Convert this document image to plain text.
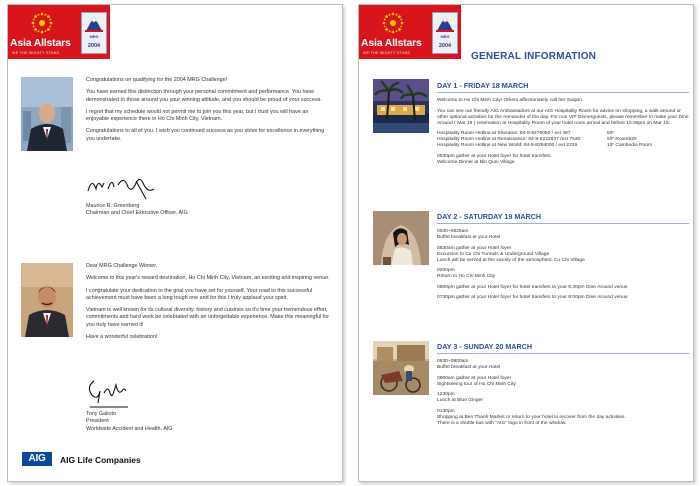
Asia Allstars
WE THE MIGHTY STAND
MRG
2004

Congratulations on qualifying for the 2004 MRG Challenge!

You have earned this distinction through your personal commitment and performance. You have demonstrated to those around you your winning attitude, and you should be proud of your success.

I regret that my schedule would not permit me to join you this year, but I trust you will have an enjoyable experience there in Ho Chi Minh City, Vietnam.

Congratulations to all of you. I wish you continued success as you strive for excellence in everything you undertake.

Maurice R. Greenberg
Chairman and Chief Executive Officer, AIG

Dear MRG Challenge Winner,

Welcome to this year's reward destination, Ho Chi Minh City, Vietnam, an exciting and inspiring venue.

I congratulate your dedication to the goal you have set for yourself. Your road to this successful achievement must have been a long tough one and for this I truly applaud your spirit.

Vietnam is well known for its cultural diversity, history and cuisines so it's time your tremendous effort, commitments and hard work be celebrated with an unforgettable experience. Make this meaningful for you truly have earned it!

Have a wonderful celebration!

Tony Galioto
President
Worldwide Accident and Health, AIG
AIG	AIG Life Companies
Asia Allstars
WE THE MIGHTY STAND
MRG
2004
GENERAL INFORMATION
DAY 1 - FRIDAY 18 MARCH
Welcome to Ho Chi Minh City! Others affectionately call her Saigon.
You can see our friendly AIG Ambassadors at our AIG Hospitality Room for advice on shopping, a walk around or other optional activities for the remainder of the day. For non VIP Dinnerguests, please remember to make your Dine Around ( Mar 19 ) reservation at Hospitality Room of your hotel room arrival and before 10:30pm on Mar 18.
Hospitality Room Hotline at Sheraton: 84-8-8276050 / ext 487	5/F
Hospitality Room Hotline at Renaissance: 84-8-8222847 /ext 7520	5/F Room520
Hospitality Room Hotline at New World: 84-8-8294000 / ext 2226	1/F Cambodia Room
0530pm gather at your Hotel foyer for hotel transfers.
Welcome Dinner at Bin Quoi Village
DAY 2 - SATURDAY 19 MARCH
0630~0825am
Buffet breakfast at your Hotel
0830am gather at your Hotel foyer
Excursion to Cu Chi Tunnels & Underground Village
Lunch will be served at the vicinity of the atmospheric Cu Chi Village
0200pm
Return to Ho Chi Minh City
0600pm gather at your Hotel foyer for hotel transfers to your 6:30pm Dine Around venue
0730pm gather at your Hotel foyer for hotel transfers to your 8:00pm Dine Around venue
DAY 3 - SUNDAY 20 MARCH
0630~0900am
Buffet breakfast at your Hotel
0900am gather at your Hotel foyer
Sightseeing tour of Ho Chi Minh City
1230pm
Lunch at Blue Ginger
0130pm
Shopping at Ben Thanh Market or return to your hotel to recover from the day activities.
There is a shuttle bus with "AIG" logo in front of the window.
